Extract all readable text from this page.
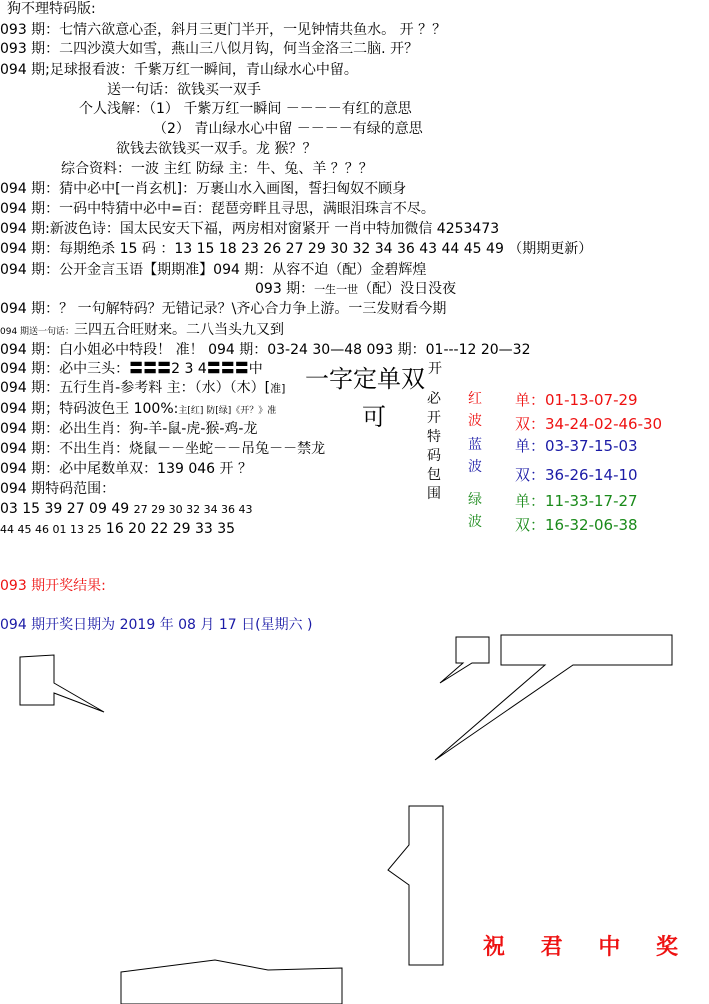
狗不理特码版:
093 期：七情六欲意心歪，斜月三更门半开，一见钟情共鱼水。 开 ？？
093 期：二四沙漠大如雪，燕山三八似月钩，何当金洛三二脑. 开？
094 期;足球报看波：千紫万红一瞬间，青山绿水心中留。
送一句话：欲钱买一双手
个人浅解：（1） 千紫万红一瞬间 －－－－有红的意思
（2） 青山绿水心中留 －－－－有绿的意思
欲钱去欲钱买一双手。龙 猴？？
综合资料：一波 主红 防绿 主：牛、兔、羊 ？？？
094 期：猜中必中[一肖玄机]：万裹山水入画图，誓扫匈奴不顾身
094 期：一码中特猜中必中=百：琵琶旁畔且寻思，满眼泪珠言不尽。
094 期:新波色诗：国太民安天下福，两房相对窗紧开 一肖中特加微信 4253473
094 期：每期绝杀 15 码 ：13 15 18 23 26 27 29 30 32 34 36 43 44 45 49 （期期更新）
094 期：公开金言玉语【期期准】094 期：从容不迫（配）金碧辉煌
093 期：一生一世（配）没日没夜
094 期：？ 一句解特码？无错记录？\齐心合力争上游。一三发财看今期
094 期送一句话：三四五合旺财来。二八当头九又到
094 期：白小姐必中特段！ 准！ 094 期：03-24 30—48 093 期：01---12 20—32
094 期：必中三头：〓〓〓2 3 4〓〓〓中
094 期：五行生肖-参考料 主：（水）（木）[准]
094 期；特码波色王 100%:主[红] 防[绿]《开？》准
094 期：必出生肖：狗-羊-鼠-虎-猴-鸡-龙
094 期：不出生肖：烧鼠－－坐蛇－－吊兔－－禁龙
094 期：必中尾数单双：139 046 开 ？
094 期特码范围：
03 15 39 27 09 49 27 29 30 32 34 36 43
44 45 46 01 13 25 16 20 22 29 33 35
一字定单双 开
可
必
开
特
码
包
围
红
波
单：01-13-07-29
双：34-24-02-46-30
蓝
波
单：03-37-15-03
双：36-26-14-10
绿
波
单：11-33-17-27
双：16-32-06-38
093 期开奖结果:
094 期开奖日期为 2019 年 08 月 17 日(星期六 )
祝 君 中 奖
